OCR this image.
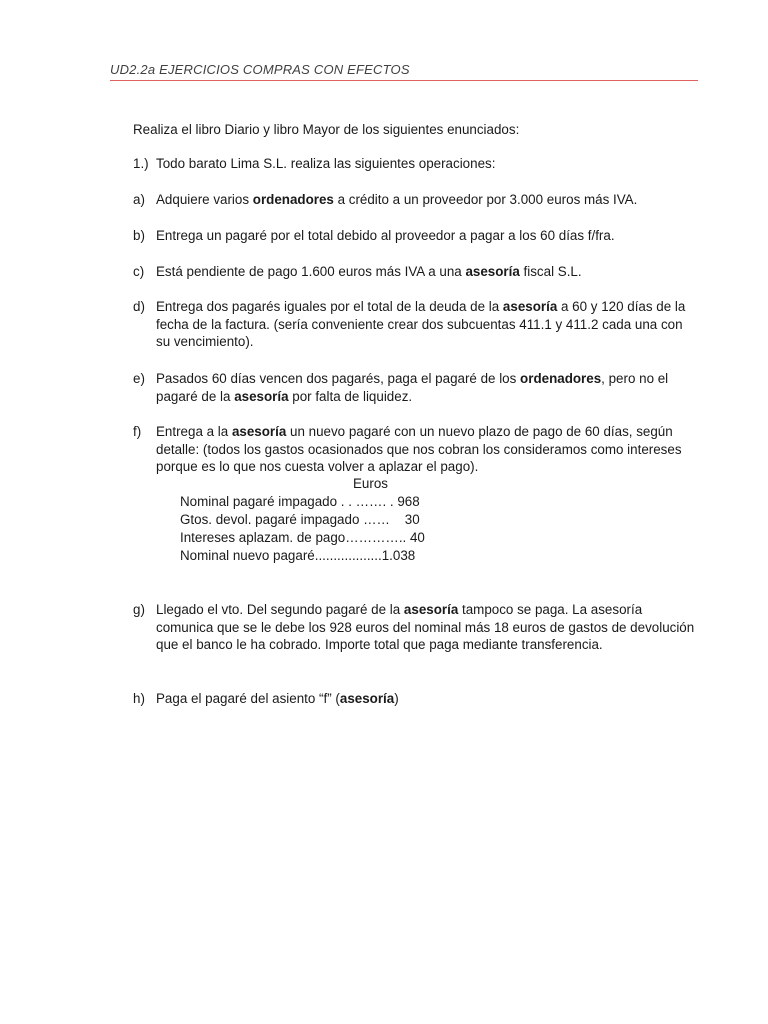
UD2.2a EJERCICIOS COMPRAS CON EFECTOS
Realiza el libro Diario y libro Mayor de los siguientes enunciados:
1.) Todo barato Lima S.L. realiza las siguientes operaciones:
a) Adquiere varios ordenadores a crédito a un proveedor por 3.000 euros más IVA.
b) Entrega un pagaré por el total debido al proveedor a pagar a los 60 días f/fra.
c) Está pendiente de pago 1.600 euros más IVA a una asesoría fiscal S.L.
d) Entrega dos pagarés iguales por el total de la deuda de la asesoría a 60 y 120 días de la fecha de la factura. (sería conveniente crear dos subcuentas 411.1 y 411.2 cada una con su vencimiento).
e) Pasados 60 días vencen dos pagarés, paga el pagaré de los ordenadores, pero no el pagaré de la asesoría por falta de liquidez.
f)	Entrega a la asesoría un nuevo pagaré con un nuevo plazo de pago de 60 días, según detalle: (todos los gastos ocasionados que nos cobran los consideramos como intereses porque es lo que nos cuesta volver a aplazar el pago).
Euros
Nominal pagaré impagado . . ……. . 968
Gtos. devol. pagaré impagado ……    30
Intereses aplazam. de pago………….. 40
Nominal nuevo pagaré..................1.038
g) Llegado el vto. Del segundo pagaré de la asesoría tampoco se paga. La asesoría comunica que se le debe los 928 euros del nominal más 18 euros de gastos de devolución que el banco le ha cobrado. Importe total que paga mediante transferencia.
h) Paga el pagaré del asiento “f” (asesoría)
